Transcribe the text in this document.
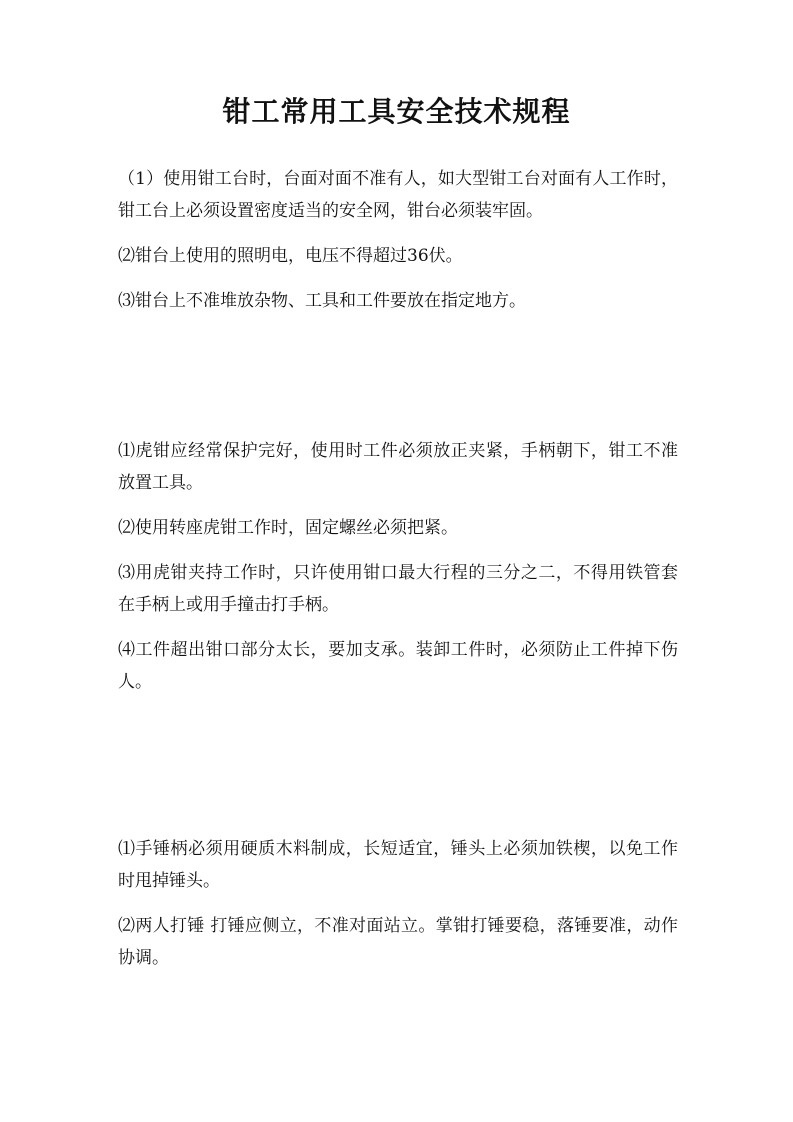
钳工常用工具安全技术规程

（1）使用钳工台时，台面对面不准有人，如大型钳工台对面有人工作时，钳工台上必须设置密度适当的安全网，钳台必须装牢固。

⑵钳台上使用的照明电，电压不得超过36伏。

⑶钳台上不准堆放杂物、工具和工件要放在指定地方。

⑴虎钳应经常保护完好，使用时工件必须放正夹紧，手柄朝下，钳工不准放置工具。

⑵使用转座虎钳工作时，固定螺丝必须把紧。

⑶用虎钳夹持工作时，只许使用钳口最大行程的三分之二，不得用铁管套在手柄上或用手撞击打手柄。

⑷工件超出钳口部分太长，要加支承。装卸工件时，必须防止工件掉下伤人。

⑴手锤柄必须用硬质木料制成，长短适宜，锤头上必须加铁楔，以免工作时甩掉锤头。

⑵两人打锤 打锤应侧立，不准对面站立。掌钳打锤要稳，落锤要准，动作协调。
